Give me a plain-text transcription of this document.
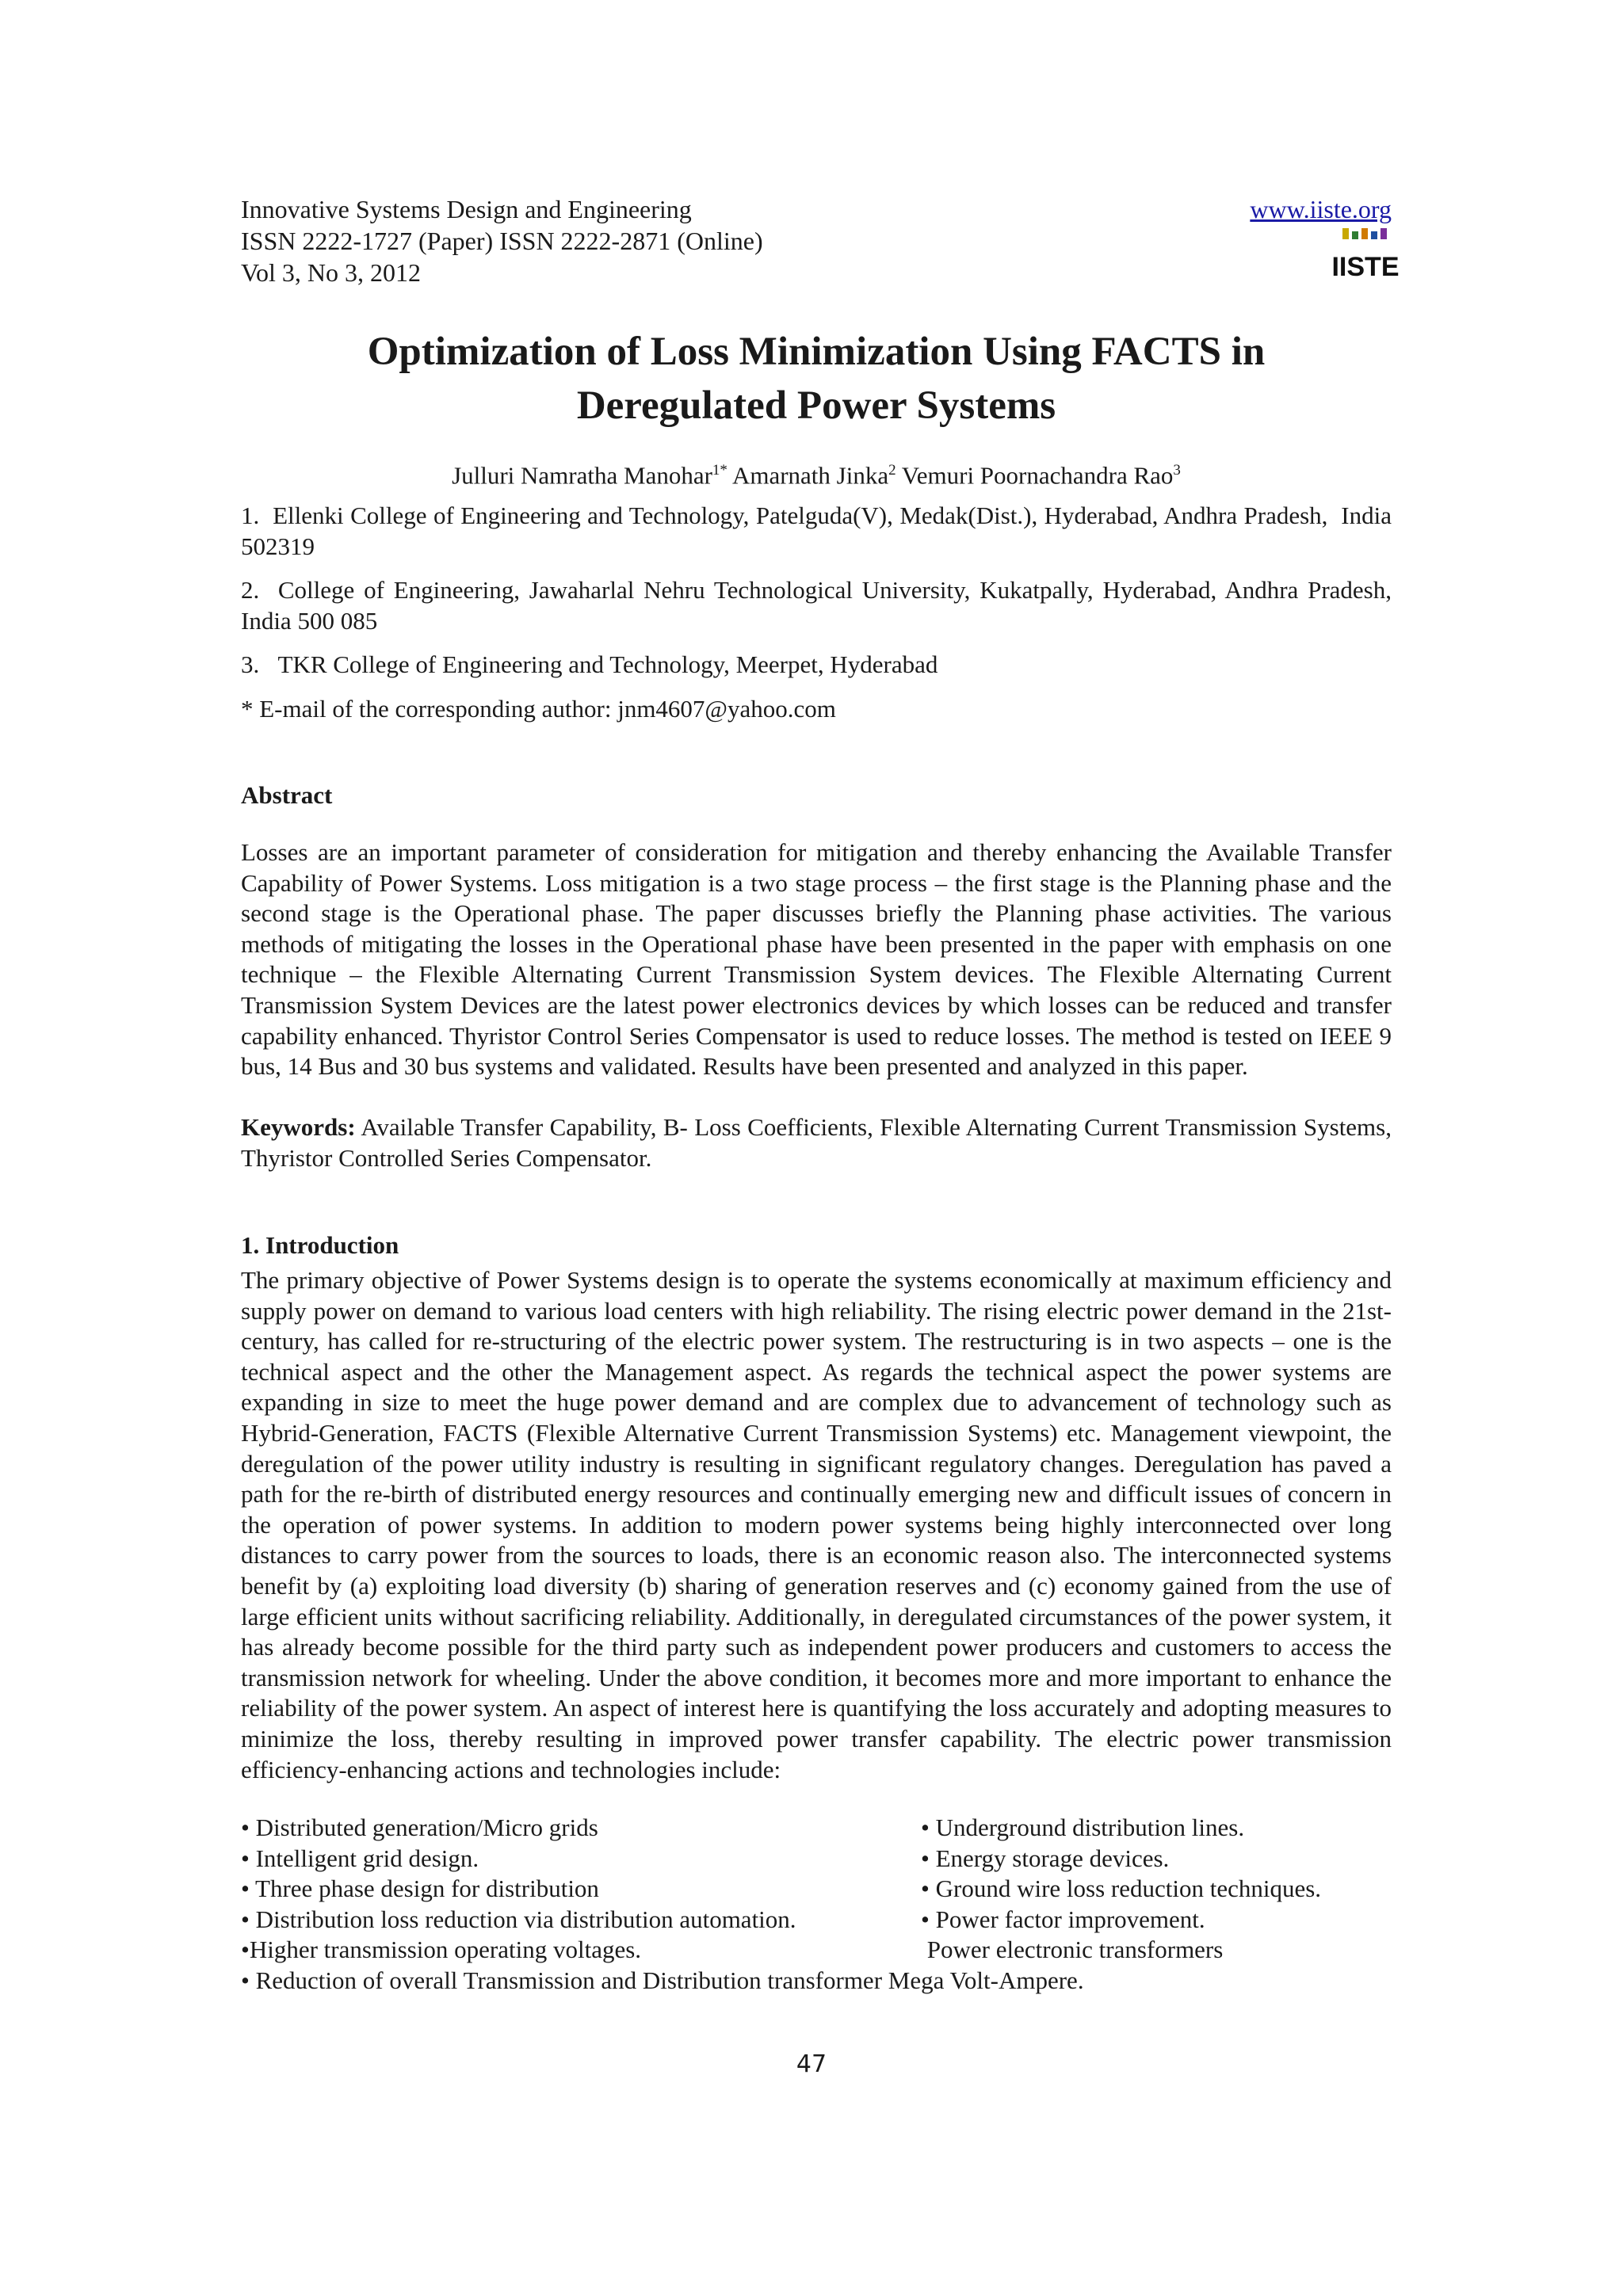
Innovative Systems Design and Engineering
ISSN 2222-1727 (Paper) ISSN 2222-2871 (Online)
Vol 3, No 3, 2012
www.iiste.org
IISTE
Optimization of Loss Minimization Using FACTS in
Deregulated Power Systems
Julluri Namratha Manohar$^{1*}$ Amarnath Jinka$^2$ Vemuri Poornachandra Rao$^3$

1.  Ellenki College of Engineering and Technology, Patelguda(V), Medak(Dist.), Hyderabad, Andhra Pradesh,  India 502319

2.  College of Engineering, Jawaharlal Nehru Technological University, Kukatpally, Hyderabad, Andhra Pradesh, India 500 085

3.   TKR College of Engineering and Technology, Meerpet, Hyderabad

* E-mail of the corresponding author: jnm4607@yahoo.com

Abstract

Losses are an important parameter of consideration for mitigation and thereby enhancing the Available Transfer Capability of Power Systems. Loss mitigation is a two stage process – the first stage is the Planning phase and the second stage is the Operational phase. The paper discusses briefly the Planning phase activities. The various methods of mitigating the losses in the Operational phase have been presented in the paper with emphasis on one technique – the Flexible Alternating Current Transmission System devices. The Flexible Alternating Current Transmission System Devices are the latest power electronics devices by which losses can be reduced and transfer capability enhanced. Thyristor Control Series Compensator is used to reduce losses. The method is tested on IEEE 9 bus, 14 Bus and 30 bus systems and validated. Results have been presented and analyzed in this paper.

Keywords: Available Transfer Capability, B- Loss Coefficients, Flexible Alternating Current Transmission Systems, Thyristor Controlled Series Compensator.

1. Introduction

The primary objective of Power Systems design is to operate the systems economically at maximum efficiency and supply power on demand to various load centers with high reliability. The rising electric power demand in the 21st- century, has called for re-structuring of the electric power system. The restructuring is in two aspects – one is the technical aspect and the other the Management aspect. As regards the technical aspect the power systems are expanding in size to meet the huge power demand and are complex due to advancement of technology such as Hybrid-Generation, FACTS (Flexible Alternative Current Transmission Systems) etc. Management viewpoint, the deregulation of the power utility industry is resulting in significant regulatory changes. Deregulation has paved a path for the re-birth of distributed energy resources and continually emerging new and difficult issues of concern in the operation of power systems. In addition to modern power systems being highly interconnected over long distances to carry power from the sources to loads, there is an economic reason also. The interconnected systems benefit by (a) exploiting load diversity (b) sharing of generation reserves and (c) economy gained from the use of large efficient units without sacrificing reliability. Additionally, in deregulated circumstances of the power system, it has already become possible for the third party such as independent power producers and customers to access the transmission network for wheeling. Under the above condition, it becomes more and more important to enhance the reliability of the power system. An aspect of interest here is quantifying the loss accurately and adopting measures to minimize the loss, thereby resulting in improved power transfer capability. The electric power transmission efficiency-enhancing actions and technologies include:

• Distributed generation/Micro grids	• Underground distribution lines.
• Intelligent grid design.	• Energy storage devices.
• Three phase design for distribution	• Ground wire loss reduction techniques.
• Distribution loss reduction via distribution automation.	• Power factor improvement.
•Higher transmission operating voltages.	Power electronic transformers
• Reduction of overall Transmission and Distribution transformer Mega Volt-Ampere.
47
